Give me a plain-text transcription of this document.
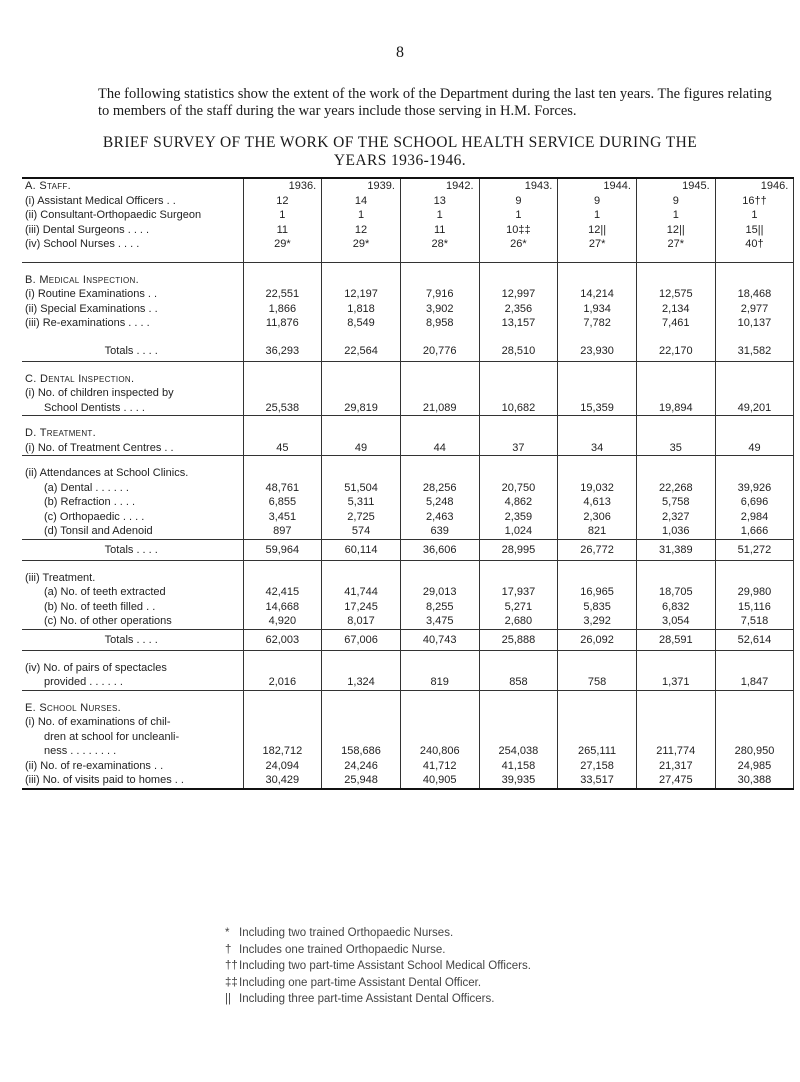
8
The following statistics show the extent of the work of the Department during the last ten years. The figures relating to members of the staff during the war years include those serving in H.M. Forces.
BRIEF SURVEY OF THE WORK OF THE SCHOOL HEALTH SERVICE DURING THE
YEARS 1936-1946.
A. Staff.	1936.	1939.	1942.	1943.	1944.	1945.	1946.
(i) Assistant Medical Officers . .	12	14	13	9	9	9	16††
(ii) Consultant-Orthopaedic Surgeon	1	1	1	1	1	1	1
(iii) Dental Surgeons . . . .	11	12	11	10‡‡	12||	12||	15||
(iv) School Nurses . . . .	29*	29*	28*	26*	27*	27*	40†

B. Medical Inspection.							
(i) Routine Examinations . .	22,551	12,197	7,916	12,997	14,214	12,575	18,468
(ii) Special Examinations . .	1,866	1,818	3,902	2,356	1,934	2,134	2,977
(iii) Re-examinations . . . .	11,876	8,549	8,958	13,157	7,782	7,461	10,137

Totals . . . .	36,293	22,564	20,776	28,510	23,930	22,170	31,582

C. Dental Inspection.							
(i) No. of children inspected by							
School Dentists . . . .	25,538	29,819	21,089	10,682	15,359	19,894	49,201

D. Treatment.							
(i) No. of Treatment Centres . .	45	49	44	37	34	35	49

(ii) Attendances at School Clinics.							
(a) Dental . . . . . .	48,761	51,504	28,256	20,750	19,032	22,268	39,926
(b) Refraction . . . .	6,855	5,311	5,248	4,862	4,613	5,758	6,696
(c) Orthopaedic . . . .	3,451	2,725	2,463	2,359	2,306	2,327	2,984
(d) Tonsil and Adenoid	897	574	639	1,024	821	1,036	1,666
Totals . . . .	59,964	60,114	36,606	28,995	26,772	31,389	51,272

(iii) Treatment.							
(a) No. of teeth extracted	42,415	41,744	29,013	17,937	16,965	18,705	29,980
(b) No. of teeth filled . .	14,668	17,245	8,255	5,271	5,835	6,832	15,116
(c) No. of other operations	4,920	8,017	3,475	2,680	3,292	3,054	7,518
Totals . . . .	62,003	67,006	40,743	25,888	26,092	28,591	52,614

(iv) No. of pairs of spectacles							
provided . . . . . .	2,016	1,324	819	858	758	1,371	1,847

E. School Nurses.							
(i) No. of examinations of chil-							
dren at school for uncleanli-							
ness . . . . . . . .	182,712	158,686	240,806	254,038	265,111	211,774	280,950
(ii) No. of re-examinations . .	24,094	24,246	41,712	41,158	27,158	21,317	24,985
(iii) No. of visits paid to homes . .	30,429	25,948	40,905	39,935	33,517	27,475	30,388
* Including two trained Orthopaedic Nurses.
† Includes one trained Orthopaedic Nurse.
††Including two part-time Assistant School Medical Officers.
‡‡Including one part-time Assistant Dental Officer.
|| Including three part-time Assistant Dental Officers.
